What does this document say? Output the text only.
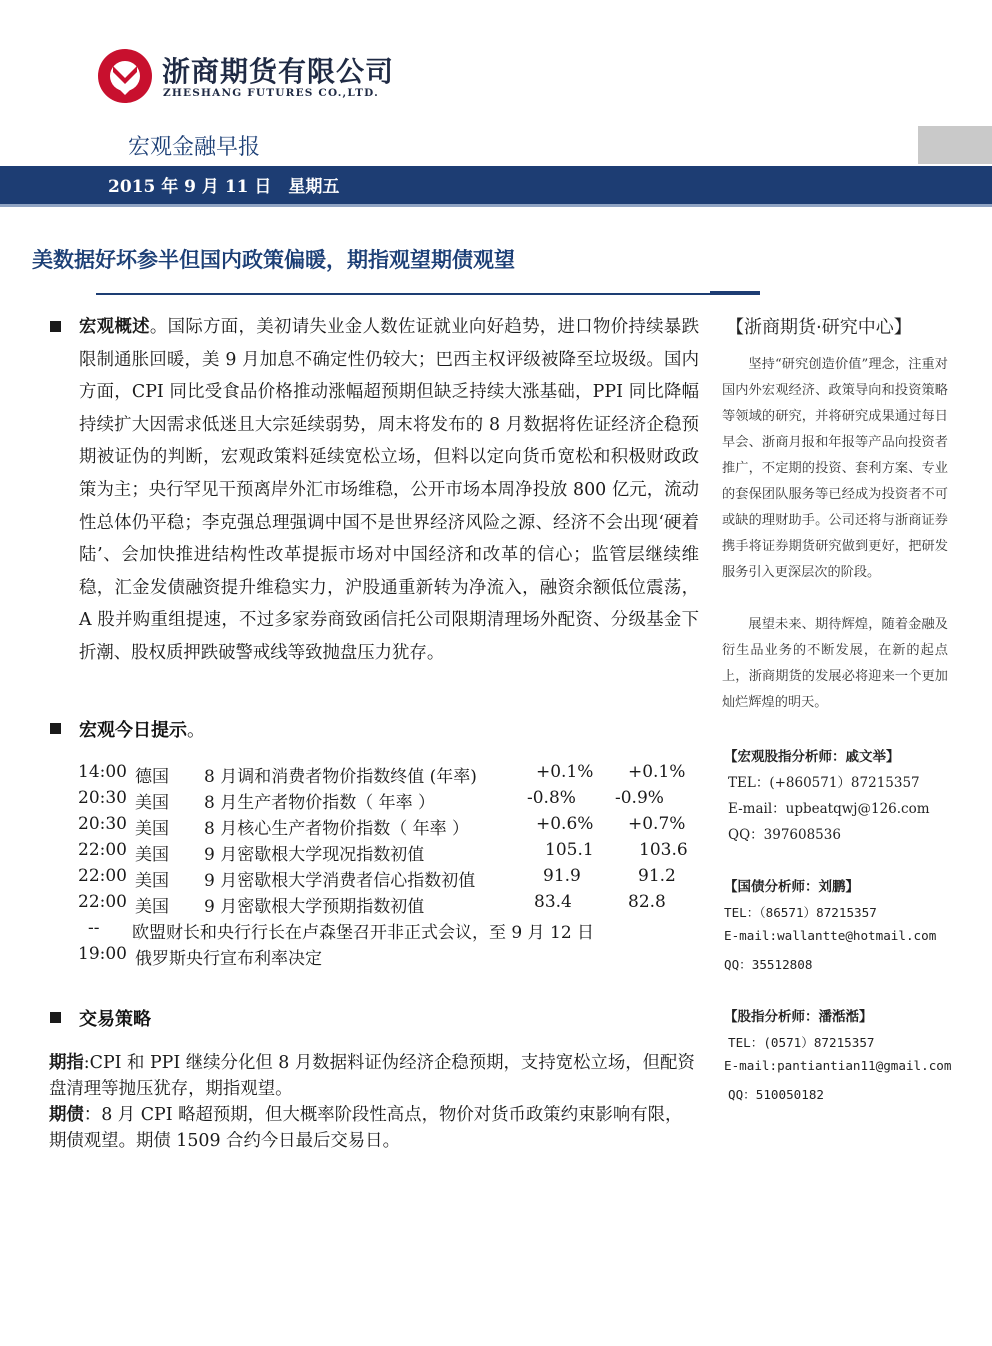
浙商期货有限公司
ZHESHANG FUTURES CO.,LTD.
宏观金融早报
2015 年 9 月 11 日　星期五
美数据好坏参半但国内政策偏暖，期指观望期债观望
宏观概述。国际方面，美初请失业金人数佐证就业向好趋势，进口物价持续暴跌限制通胀回暖，美 9 月加息不确定性仍较大；巴西主权评级被降至垃圾级。国内方面，CPI 同比受食品价格推动涨幅超预期但缺乏持续大涨基础，PPI 同比降幅持续扩大因需求低迷且大宗延续弱势，周末将发布的 8 月数据将佐证经济企稳预期被证伪的判断，宏观政策料延续宽松立场，但料以定向货币宽松和积极财政政策为主；央行罕见干预离岸外汇市场维稳，公开市场本周净投放 800 亿元，流动性总体仍平稳；李克强总理强调中国不是世界经济风险之源、经济不会出现‘硬着陆’、会加快推进结构性改革提振市场对中国经济和改革的信心；监管层继续维稳，汇金发债融资提升维稳实力，沪股通重新转为净流入，融资余额低位震荡，A 股并购重组提速，不过多家券商致函信托公司限期清理场外配资、分级基金下折潮、股权质押跌破警戒线等致抛盘压力犹存。
宏观今日提示。
14:00 德国 8 月调和消费者物价指数终值 (年率)	+0.1% +0.1%
20:30 美国 8 月生产者物价指数（ 年率 ）	-0.8% -0.9%
20:30 美国 8 月核心生产者物价指数（ 年率 ）	+0.6% +0.7%
22:00 美国 9 月密歇根大学现况指数初值	105.1	103.6
22:00 美国 9 月密歇根大学消费者信心指数初值	91.9	91.2
22:00 美国 9 月密歇根大学预期指数初值	83.4	82.8
-- 欧盟财长和央行行长在卢森堡召开非正式会议，至 9 月 12 日
19:00 俄罗斯央行宣布利率决定
交易策略
期指:CPI 和 PPI 继续分化但 8 月数据料证伪经济企稳预期，支持宽松立场，但配资盘清理等抛压犹存，期指观望。
期债：8 月 CPI 略超预期，但大概率阶段性高点，物价对货币政策约束影响有限，期债观望。期债 1509 合约今日最后交易日。
【浙商期货·研究中心】
坚持“研究创造价值”理念，注重对国内外宏观经济、政策导向和投资策略等领域的研究，并将研究成果通过每日早会、浙商月报和年报等产品向投资者推广，不定期的投资、套利方案、专业的套保团队服务等已经成为投资者不可或缺的理财助手。公司还将与浙商证券携手将证券期货研究做到更好，把研发服务引入更深层次的阶段。
展望未来、期待辉煌，随着金融及衍生品业务的不断发展，在新的起点上，浙商期货的发展必将迎来一个更加灿烂辉煌的明天。
【宏观股指分析师：戚文举】
TEL：(+860571）87215357
E-mail：upbeatqwj@126.com
QQ：397608536
【国债分析师：刘鹏】
TEL：（86571）87215357
E-mail:wallantte@hotmail.com
QQ：35512808
【股指分析师：潘湉湉】
TEL：(0571）87215357
E-mail:pantiantian11@gmail.com
QQ：510050182
